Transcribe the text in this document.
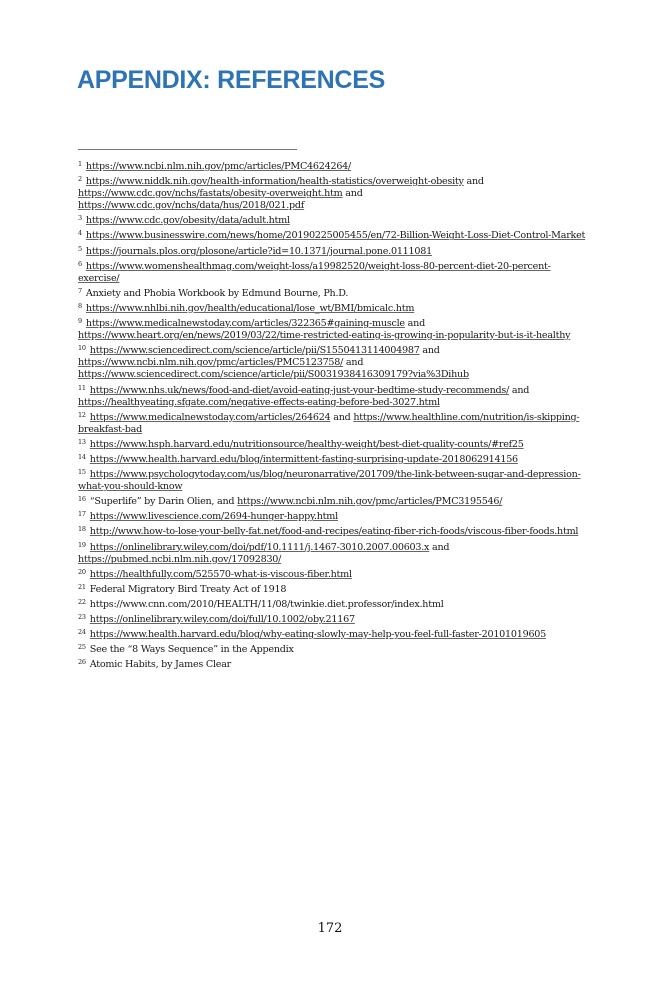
APPENDIX: REFERENCES

$^1$ https://www.ncbi.nlm.nih.gov/pmc/articles/PMC4624264/

$^2$ https://www.niddk.nih.gov/health-information/health-statistics/overweight-obesity and https://www.cdc.gov/nchs/fastats/obesity-overweight.htm and https://www.cdc.gov/nchs/data/hus/2018/021.pdf

$^3$ https://www.cdc.gov/obesity/data/adult.html

$^4$ https://www.businesswire.com/news/home/20190225005455/en/72-Billion-Weight-Loss-Diet-Control-Market

$^5$ https://journals.plos.org/plosone/article?id=10.1371/journal.pone.0111081

$^6$ https://www.womenshealthmag.com/weight-loss/a19982520/weight-loss-80-percent-diet-20-percent-exercise/

$^7$ Anxiety and Phobia Workbook by Edmund Bourne, Ph.D.

$^8$ https://www.nhlbi.nih.gov/health/educational/lose_wt/BMI/bmicalc.htm

$^9$ https://www.medicalnewstoday.com/articles/322365#gaining-muscle and https://www.heart.org/en/news/2019/03/22/time-restricted-eating-is-growing-in-popularity-but-is-it-healthy

$^{10}$ https://www.sciencedirect.com/science/article/pii/S1550413114004987 and https://www.ncbi.nlm.nih.gov/pmc/articles/PMC5123758/ and https://www.sciencedirect.com/science/article/pii/S0031938416309179?via%3Dihub

$^{11}$ https://www.nhs.uk/news/food-and-diet/avoid-eating-just-your-bedtime-study-recommends/ and https://healthyeating.sfgate.com/negative-effects-eating-before-bed-3027.html

$^{12}$ https://www.medicalnewstoday.com/articles/264624 and https://www.healthline.com/nutrition/is-skipping-breakfast-bad

$^{13}$ https://www.hsph.harvard.edu/nutritionsource/healthy-weight/best-diet-quality-counts/#ref25

$^{14}$ https://www.health.harvard.edu/blog/intermittent-fasting-surprising-update-2018062914156

$^{15}$ https://www.psychologytoday.com/us/blog/neuronarrative/201709/the-link-between-sugar-and-depression-what-you-should-know

$^{16}$ “Superlife” by Darin Olien, and https://www.ncbi.nlm.nih.gov/pmc/articles/PMC3195546/

$^{17}$ https://www.livescience.com/2694-hunger-happy.html

$^{18}$ http://www.how-to-lose-your-belly-fat.net/food-and-recipes/eating-fiber-rich-foods/viscous-fiber-foods.html

$^{19}$ https://onlinelibrary.wiley.com/doi/pdf/10.1111/j.1467-3010.2007.00603.x and https://pubmed.ncbi.nlm.nih.gov/17092830/

$^{20}$ https://healthfully.com/525570-what-is-viscous-fiber.html

$^{21}$ Federal Migratory Bird Treaty Act of 1918

$^{22}$ https://www.cnn.com/2010/HEALTH/11/08/twinkie.diet.professor/index.html

$^{23}$ https://onlinelibrary.wiley.com/doi/full/10.1002/oby.21167

$^{24}$ https://www.health.harvard.edu/blog/why-eating-slowly-may-help-you-feel-full-faster-20101019605

$^{25}$ See the “8 Ways Sequence” in the Appendix

$^{26}$ Atomic Habits, by James Clear

172
